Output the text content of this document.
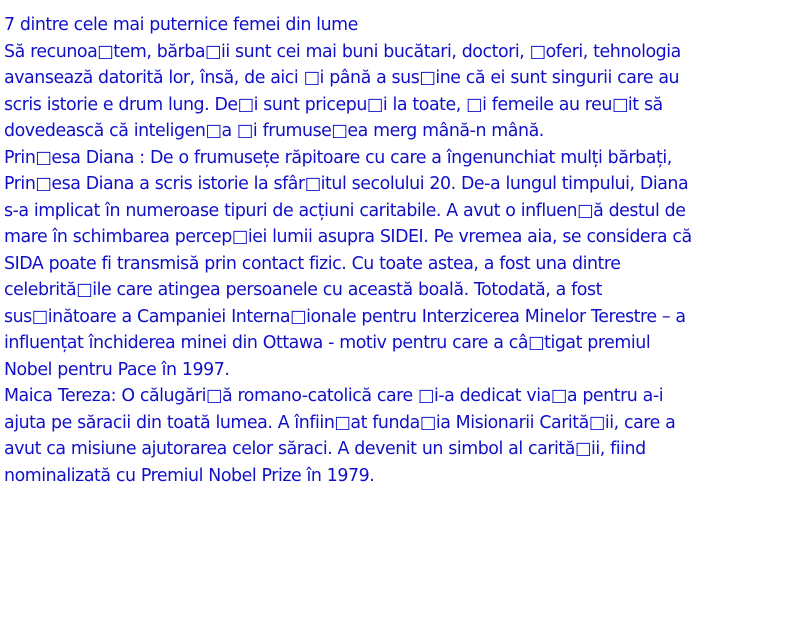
7 dintre cele mai puternice femei din lume

Să recunoa□tem, bărba□ii sunt cei mai buni bucătari, doctori, □oferi, tehnologia

avansează datorită lor, însă, de aici □i până a sus□ine că ei sunt singurii care au

scris istorie e drum lung. De□i sunt pricepu□i la toate, □i femeile au reu□it să

dovedească că inteligen□a □i frumuse□ea merg mână-n mână.

Prin□esa Diana : De o frumusețe răpitoare cu care a îngenunchiat mulți bărbați,

Prin□esa Diana a scris istorie la sfâr□itul secolului 20. De-a lungul timpului, Diana

s-a implicat în numeroase tipuri de acțiuni caritabile. A avut o influen□ă destul de

mare în schimbarea percep□iei lumii asupra SIDEI. Pe vremea aia, se considera că

SIDA poate fi transmisă prin contact fizic. Cu toate astea, a fost una dintre

celebrită□ile care atingea persoanele cu această boală. Totodată, a fost

sus□inătoare a Campaniei Interna□ionale pentru Interzicerea Minelor Terestre – a

influențat închiderea minei din Ottawa - motiv pentru care a câ□tigat premiul

Nobel pentru Pace în 1997.

Maica Tereza: O călugări□ă romano-catolică care □i-a dedicat via□a pentru a-i

ajuta pe săracii din toată lumea. A înfiin□at funda□ia Misionarii Carită□ii, care a

avut ca misiune ajutorarea celor săraci. A devenit un simbol al carită□ii, fiind

nominalizată cu Premiul Nobel Prize în 1979.
